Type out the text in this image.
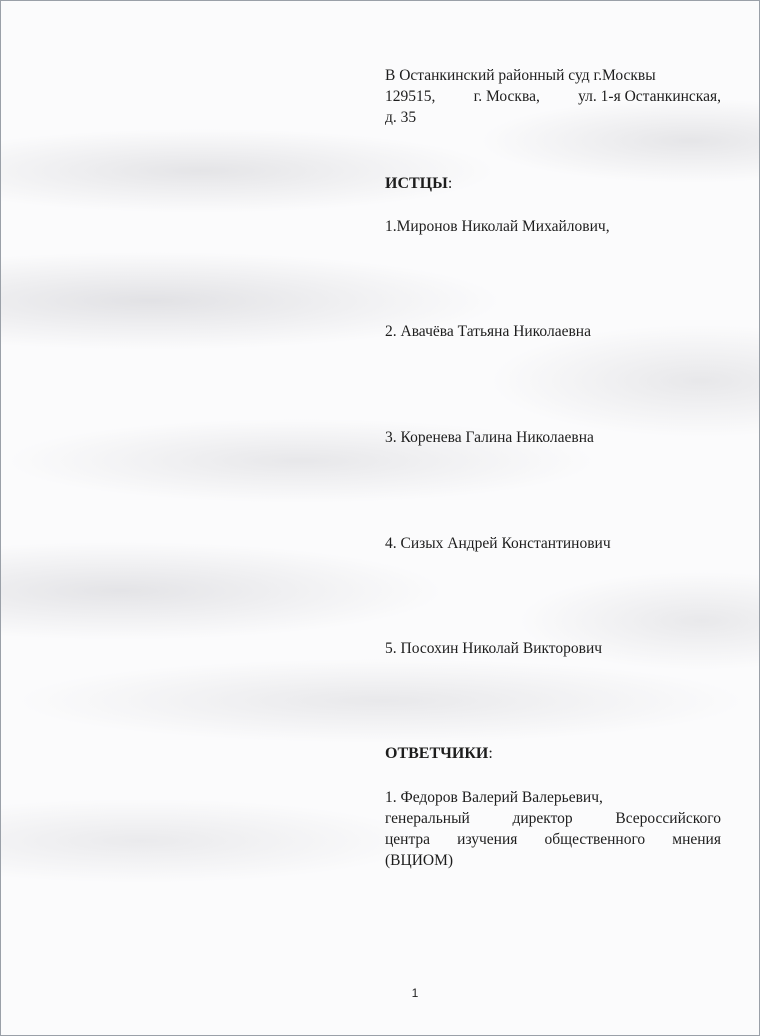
В Останкинский районный суд г.Москвы

129515, г. Москва, ул. 1-я Останкинская,

д. 35

ИСТЦЫ:
1.Миронов Николай Михайлович,
2. Авачёва Татьяна Николаевна
3. Коренева Галина Николаевна
4. Сизых Андрей Константинович
5. Посохин Николай Викторович
ОТВЕТЧИКИ:

1. Федоров Валерий Валерьевич,

генеральный	директор	Всероссийского

центра изучения общественного мнения

(ВЦИОМ)

1
